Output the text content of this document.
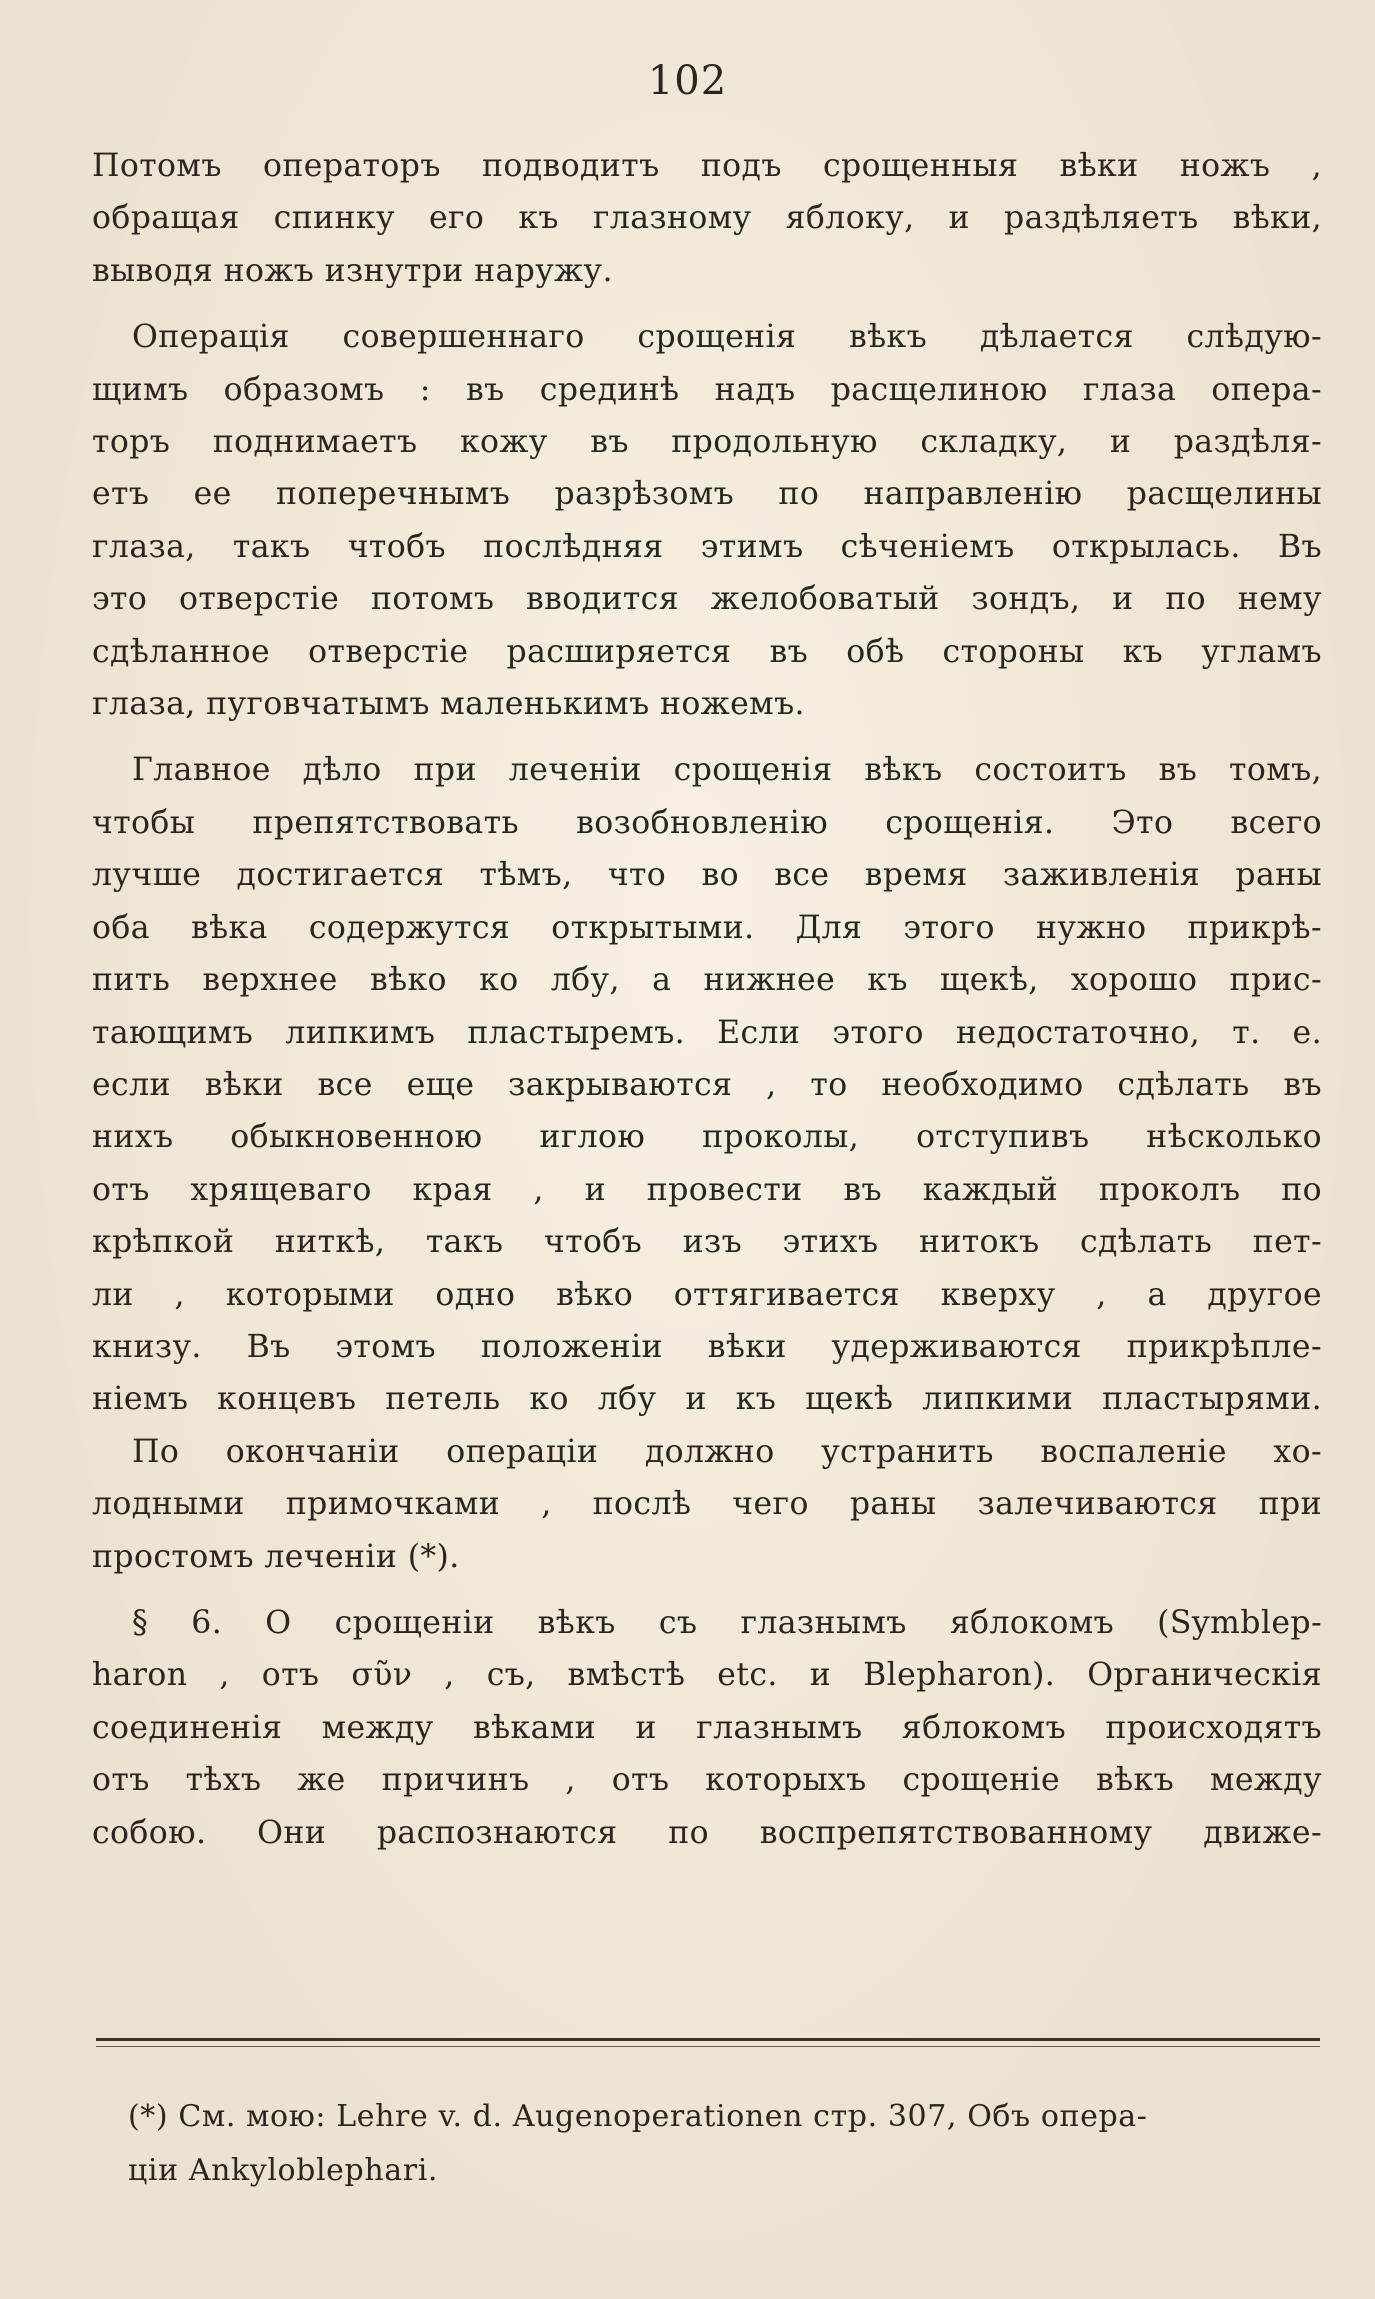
102
Потомъ операторъ подводитъ подъ срощенныя вѣки ножъ ,
обращая спинку его къ глазному яблоку, и раздѣляетъ вѣки,
выводя ножъ изнутри наружу.
Операція совершеннаго срощенія вѣкъ дѣлается слѣдую-
щимъ образомъ : въ срединѣ надъ расщелиною глаза опера-
торъ поднимаетъ кожу въ продольную складку, и раздѣля-
етъ ее поперечнымъ разрѣзомъ по направленію расщелины
глаза, такъ чтобъ послѣдняя этимъ сѣченіемъ открылась. Въ
это отверстіе потомъ вводится желобоватый зондъ, и по нему
сдѣланное отверстіе расширяется въ обѣ стороны къ угламъ
глаза, пуговчатымъ маленькимъ ножемъ.
Главное дѣло при леченіи срощенія вѣкъ состоитъ въ томъ,
чтобы препятствовать возобновленію срощенія. Это всего
лучше достигается тѣмъ, что во все время заживленія раны
оба вѣка содержутся открытыми. Для этого нужно прикрѣ-
пить верхнее вѣко ко лбу, а нижнее къ щекѣ, хорошо прис-
тающимъ липкимъ пластыремъ. Если этого недостаточно, т. е.
если вѣки все еще закрываются , то необходимо сдѣлать въ
нихъ обыкновенною иглою проколы, отступивъ нѣсколько
отъ хрящеваго края , и провести въ каждый проколъ по
крѣпкой ниткѣ, такъ чтобъ изъ этихъ нитокъ сдѣлать пет-
ли , которыми одно вѣко оттягивается кверху , а другое
книзу. Въ этомъ положеніи вѣки удерживаются прикрѣпле-
ніемъ концевъ петель ко лбу и къ щекѣ липкими пластырями.
По окончаніи операціи должно устранить воспаленіе хо-
лодными примочками , послѣ чего раны залечиваются при
простомъ леченіи (*).
§ 6. О срощеніи вѣкъ съ глазнымъ яблокомъ (Symblep-
haron , отъ σῦν , съ, вмѣстѣ etc. и Blepharon). Органическія
соединенія между вѣками и глазнымъ яблокомъ происходятъ
отъ тѣхъ же причинъ , отъ которыхъ срощеніе вѣкъ между
собою. Они распознаются по воспрепятствованному движе-
(*) См. мою: Lehre v. d. Augenoperationen стр. 307, Объ опера-
ціи Ankyloblephari.
